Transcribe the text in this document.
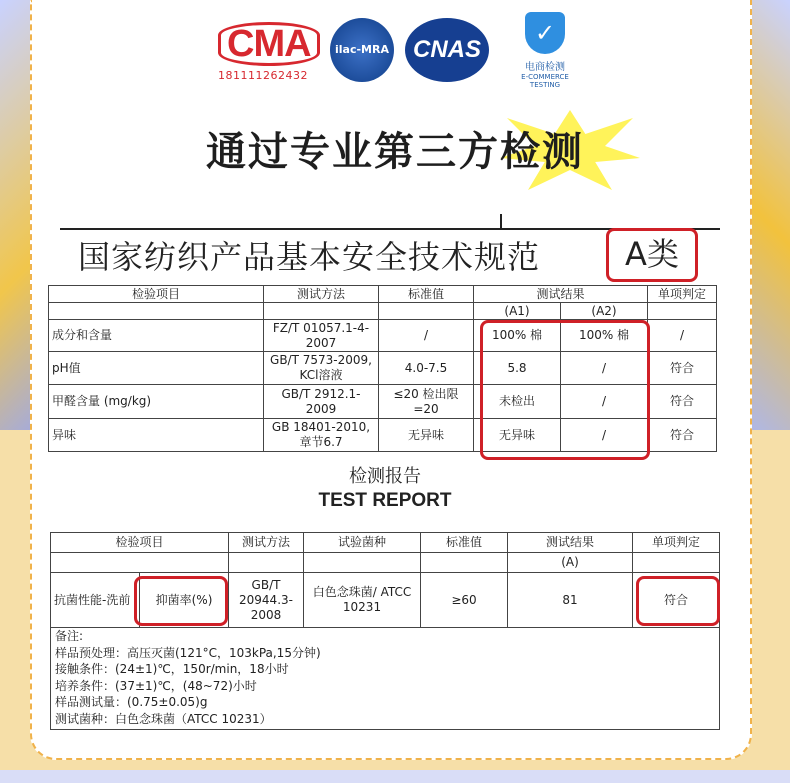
CMA
181111262432
ilac-MRA	CNAS
✓
电商检测
E-COMMERCE TESTING
通过专业第三方检测
国家纺织产品基本安全技术规范	A类
检验项目	测试方法	标准值	测试结果		单项判定
			(A1)	(A2)	
成分和含量	FZ/T 01057.1-4-2007	/	100% 棉	100% 棉	/
pH值	GB/T 7573-2009, KCl溶液	4.0-7.5	5.8	/	符合
甲醛含量 (mg/kg)	GB/T 2912.1-2009	≤20 检出限=20	未检出	/	符合
异味	GB 18401-2010, 章节6.7	无异味	无异味	/	符合
检测报告
TEST REPORT
检验项目		测试方法	试验菌种	标准值	测试结果	单项判定
					(A)	
抗菌性能-洗前	抑菌率(%)	GB/T 20944.3-2008	白色念珠菌/ ATCC 10231	≥60	81	符合
备注:
样品预处理：高压灭菌(121°C，103kPa,15分钟)
接触条件：(24±1)℃，150r/min，18小时
培养条件：(37±1)℃，(48~72)小时
样品测试量：(0.75±0.05)g
测试菌种：白色念珠菌（ATCC 10231）
